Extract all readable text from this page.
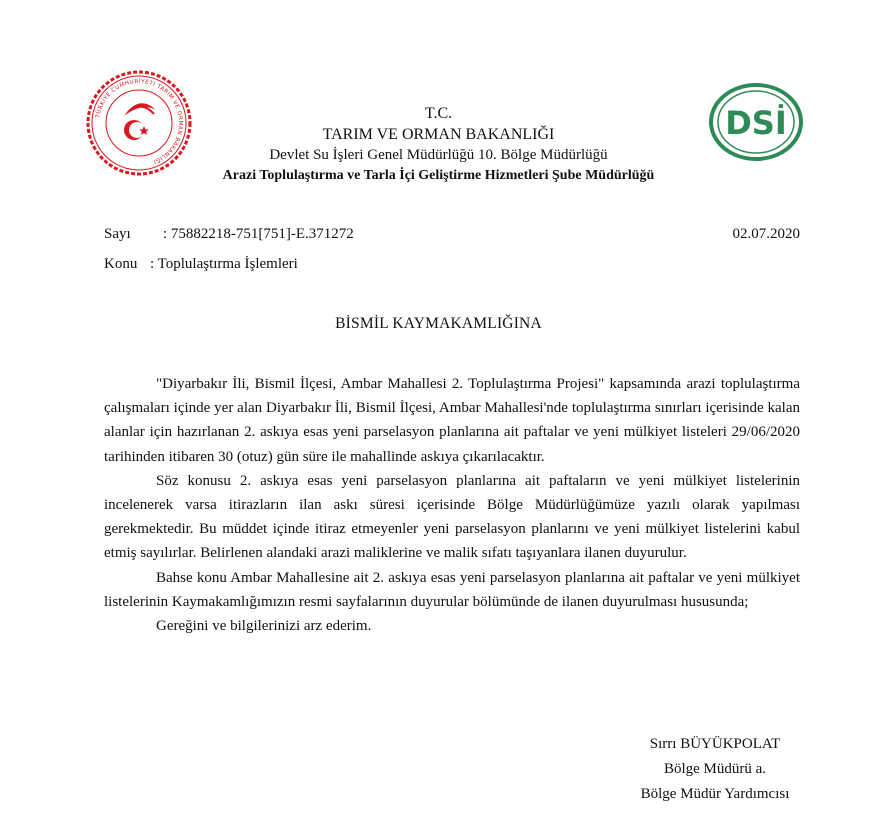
TÜRKİYE CUMHURİYETİ TARIM VE ORMAN BAKANLIĞI
DSİ
T.C.
TARIM VE ORMAN BAKANLIĞI
Devlet Su İşleri Genel Müdürlüğü 10. Bölge Müdürlüğü
Arazi Toplulaştırma ve Tarla İçi Geliştirme Hizmetleri Şube Müdürlüğü
Sayı : 75882218-751[751]-E.371272	02.07.2020
Konu : Toplulaştırma İşlemleri
BİSMİL KAYMAKAMLIĞINA

"Diyarbakır İli, Bismil İlçesi, Ambar Mahallesi 2. Toplulaştırma Projesi" kapsamında arazi toplulaştırma çalışmaları içinde yer alan Diyarbakır İli, Bismil İlçesi, Ambar Mahallesi'nde toplulaştırma sınırları içerisinde kalan alanlar için hazırlanan 2. askıya esas yeni parselasyon planlarına ait paftalar ve yeni mülkiyet listeleri 29/06/2020 tarihinden itibaren 30 (otuz) gün süre ile mahallinde askıya çıkarılacaktır.

Söz konusu 2. askıya esas yeni parselasyon planlarına ait paftaların ve yeni mülkiyet listelerinin incelenerek varsa itirazların ilan askı süresi içerisinde Bölge Müdürlüğümüze yazılı olarak yapılması gerekmektedir. Bu müddet içinde itiraz etmeyenler yeni parselasyon planlarını ve yeni mülkiyet listelerini kabul etmiş sayılırlar. Belirlenen alandaki arazi maliklerine ve malik sıfatı taşıyanlara ilanen duyurulur.

Bahse konu Ambar Mahallesine ait 2. askıya esas yeni parselasyon planlarına ait paftalar ve yeni mülkiyet listelerinin Kaymakamlığımızın resmi sayfalarının duyurular bölümünde de ilanen duyurulması hususunda;

Gereğini ve bilgilerinizi arz ederim.

Sırrı BÜYÜKPOLAT
Bölge Müdürü a.
Bölge Müdür Yardımcısı
